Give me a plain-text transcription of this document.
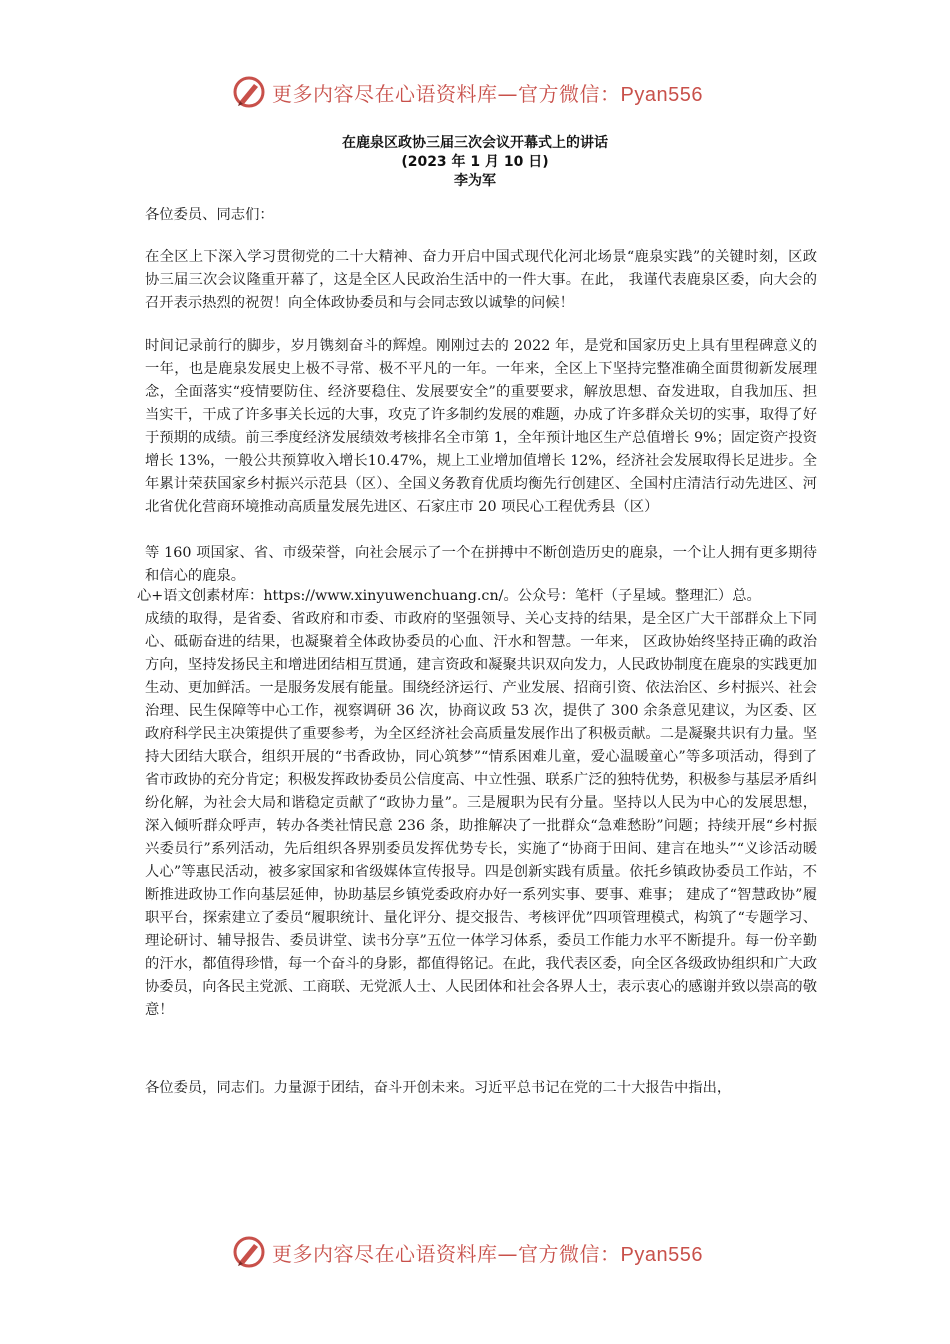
更多内容尽在心语资料库—官方微信：Pyan556
在鹿泉区政协三届三次会议开幕式上的讲话
(2023 年 1 月 10 日)
李为军

各位委员、同志们：

在全区上下深入学习贯彻党的二十大精神、奋力开启中国式现代化河北场景“鹿泉实践”的关键时刻，区政协三届三次会议隆重开幕了，这是全区人民政治生活中的一件大事。在此， 我谨代表鹿泉区委，向大会的召开表示热烈的祝贺！向全体政协委员和与会同志致以诚挚的问候！

时间记录前行的脚步，岁月镌刻奋斗的辉煌。刚刚过去的 2022 年，是党和国家历史上具有里程碑意义的一年，也是鹿泉发展史上极不寻常、极不平凡的一年。一年来，全区上下坚持完整准确全面贯彻新发展理念，全面落实“疫情要防住、经济要稳住、发展要安全”的重要要求，解放思想、奋发进取，自我加压、担当实干，干成了许多事关长远的大事，攻克了许多制约发展的难题，办成了许多群众关切的实事，取得了好于预期的成绩。前三季度经济发展绩效考核排名全市第 1，全年预计地区生产总值增长 9%；固定资产投资增长 13%，一般公共预算收入增长10.47%，规上工业增加值增长 12%，经济社会发展取得长足进步。全年累计荣获国家乡村振兴示范县（区）、全国义务教育优质均衡先行创建区、全国村庄清洁行动先进区、河北省优化营商环境推动高质量发展先进区、石家庄市 20 项民心工程优秀县（区）

等 160 项国家、省、市级荣誉，向社会展示了一个在拼搏中不断创造历史的鹿泉，一个让人拥有更多期待和信心的鹿泉。

心+语文创素材库：https://www.xinyuwenchuang.cn/。公众号：笔杆（子星域。整理汇）总。

成绩的取得，是省委、省政府和市委、市政府的坚强领导、关心支持的结果，是全区广大干部群众上下同心、砥砺奋进的结果，也凝聚着全体政协委员的心血、汗水和智慧。一年来， 区政协始终坚持正确的政治方向，坚持发扬民主和增进团结相互贯通，建言资政和凝聚共识双向发力，人民政协制度在鹿泉的实践更加生动、更加鲜活。一是服务发展有能量。围绕经济运行、产业发展、招商引资、依法治区、乡村振兴、社会治理、民生保障等中心工作，视察调研 36 次，协商议政 53 次，提供了 300 余条意见建议，为区委、区政府科学民主决策提供了重要参考，为全区经济社会高质量发展作出了积极贡献。二是凝聚共识有力量。坚持大团结大联合，组织开展的“书香政协，同心筑梦”“情系困难儿童，爱心温暖童心”等多项活动，得到了省市政协的充分肯定；积极发挥政协委员公信度高、中立性强、联系广泛的独特优势，积极参与基层矛盾纠纷化解，为社会大局和谐稳定贡献了“政协力量”。三是履职为民有分量。坚持以人民为中心的发展思想，深入倾听群众呼声，转办各类社情民意 236 条，助推解决了一批群众“急难愁盼”问题；持续开展“乡村振兴委员行”系列活动，先后组织各界别委员发挥优势专长，实施了“协商于田间、建言在地头”“义诊活动暖人心”等惠民活动，被多家国家和省级媒体宣传报导。四是创新实践有质量。依托乡镇政协委员工作站，不断推进政协工作向基层延伸，协助基层乡镇党委政府办好一系列实事、要事、难事； 建成了“智慧政协”履职平台，探索建立了委员“履职统计、量化评分、提交报告、考核评优”四项管理模式，构筑了“专题学习、理论研讨、辅导报告、委员讲堂、读书分享”五位一体学习体系，委员工作能力水平不断提升。每一份辛勤的汗水，都值得珍惜，每一个奋斗的身影，都值得铭记。在此，我代表区委，向全区各级政协组织和广大政协委员，向各民主党派、工商联、无党派人士、人民团体和社会各界人士，表示衷心的感谢并致以崇高的敬意！

各位委员，同志们。力量源于团结，奋斗开创未来。习近平总书记在党的二十大报告中指出，

更多内容尽在心语资料库—官方微信：Pyan556
